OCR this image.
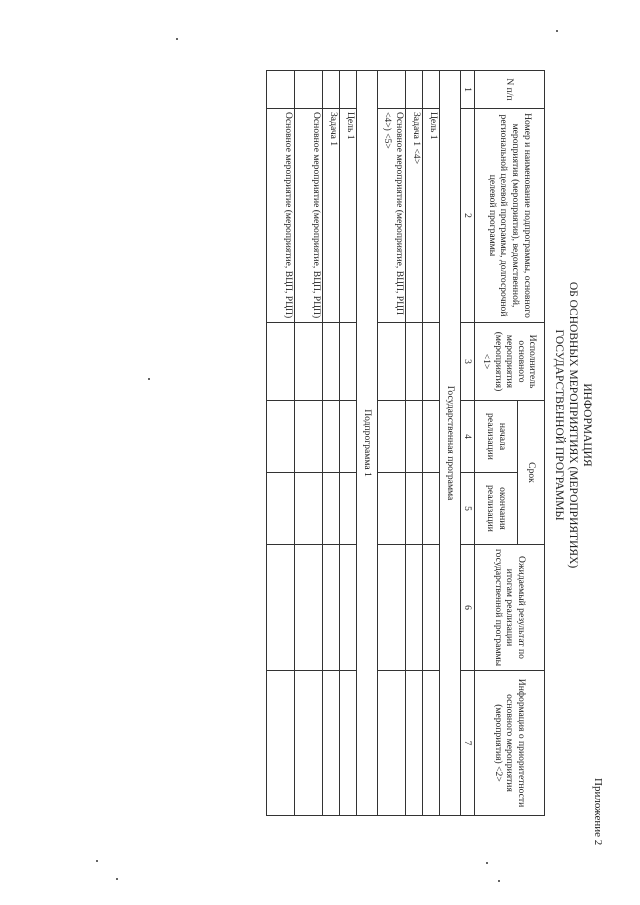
Приложение 2
ИНФОРМАЦИЯ
ОБ ОСНОВНЫХ МЕРОПРИЯТИЯХ (МЕРОПРИЯТИЯХ)
ГОСУДАРСТВЕННОЙ ПРОГРАММЫ
N п/п	Номер и наименование подпрограммы, основного мероприятия (мероприятия), ведомственной, региональной целевой программы, долгосрочной целевой программы	Исполнитель основного мероприятия (мероприятия) <1>	Срок		Ожидаемый результат по итогам реализации государственной программы	Информация о приоритетности основного мероприятия (мероприятия) <2>
			начала реализации	окончания реализации		
1	2	3	4	5	6	7
Государственная программа						
	Цель 1					
	Задача 1 <4>					
	Основное мероприятие (мероприятие, ВЦП, РЦП <4>) <5>					
Подпрограмма 1						
	Цель 1					
	Задача 1					
	Основное мероприятие (мероприятие, ВЦП, РЦП)					
	Основное мероприятие (мероприятие, ВЦП, РЦП)					
